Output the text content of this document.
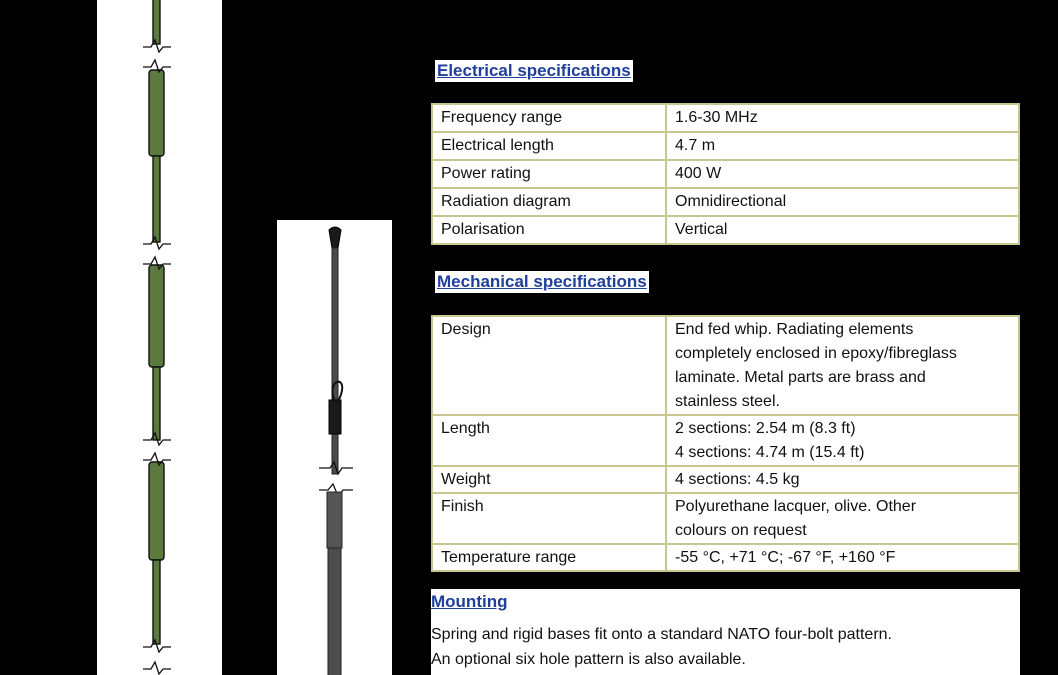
Electrical specifications
Frequency range	1.6-30 MHz
Electrical length	4.7 m
Power rating	400 W
Radiation diagram	Omnidirectional
Polarisation	Vertical
Mechanical specifications
Design	End fed whip. Radiating elements
completely enclosed in epoxy/fibreglass
laminate. Metal parts are brass and
stainless steel.

Length	2 sections: 2.54 m (8.3 ft)
4 sections: 4.74 m (15.4 ft)

Weight	4 sections: 4.5 kg

Finish	Polyurethane lacquer, olive. Other
colours on request

Temperature range	-55 °C, +71 °C; -67 °F, +160 °F
Mounting
Spring and rigid bases fit onto a standard NATO four-bolt pattern.
An optional six hole pattern is also available.
